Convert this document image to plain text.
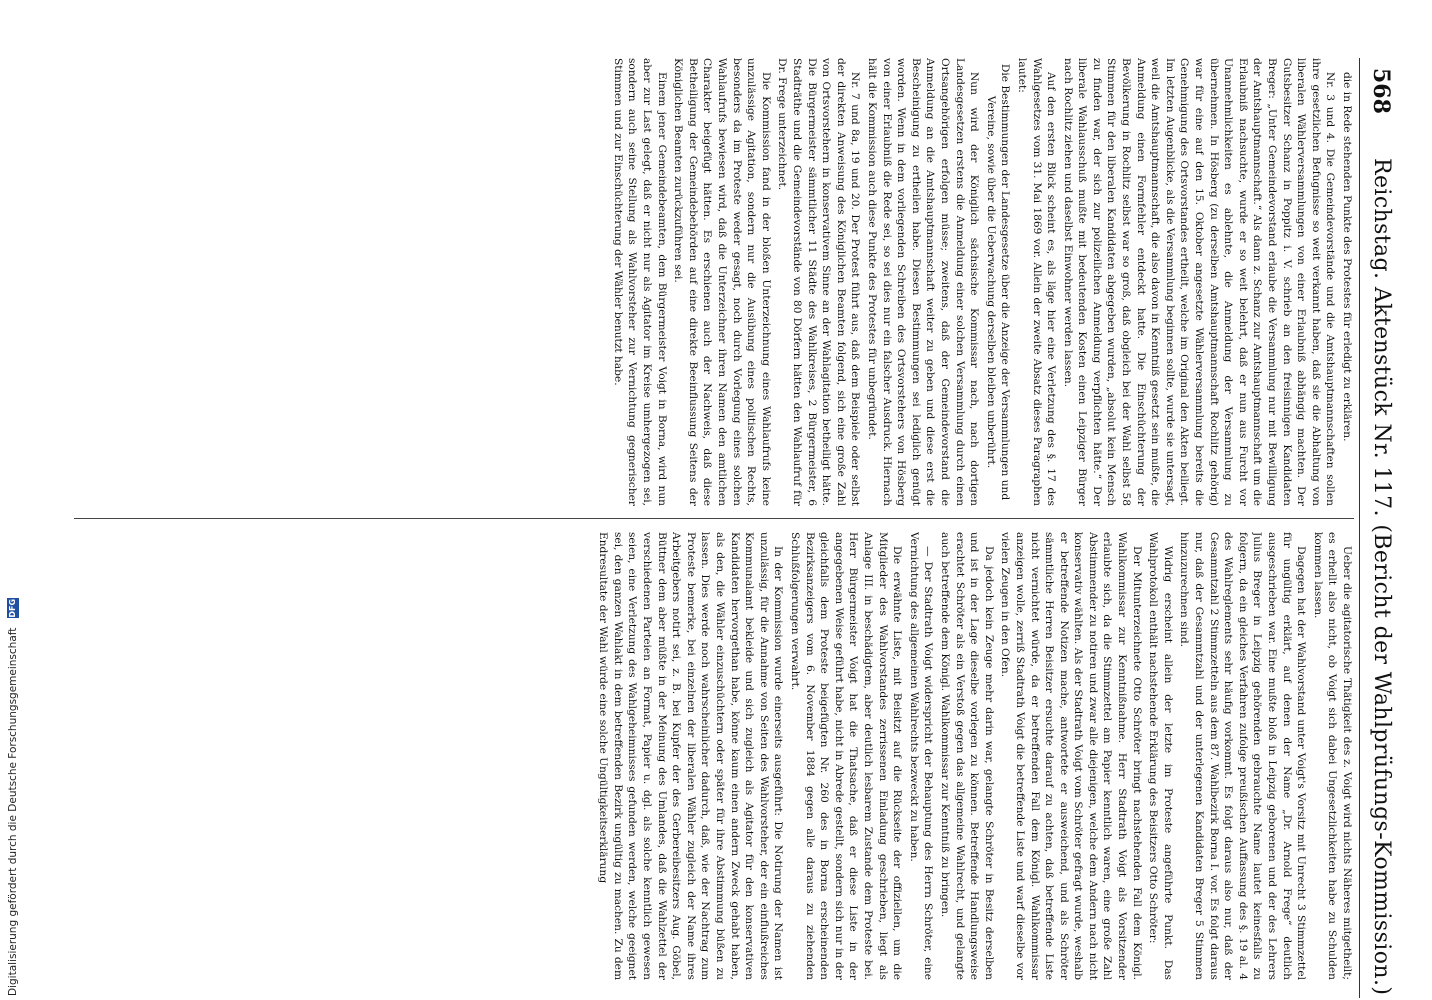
568
Reichstag. Aktenstück Nr. 117. (Bericht der Wahlprüfungs-Kommission.)

die in Rede stehenden Punkte des Protestes für erledigt zu erklären.

Nr. 3 und 4. Die Gemeindevorstände und die Amtshauptmannschaften sollen ihre gesetzlichen Befugnisse so weit verkannt haben, daß sie die Abhaltung von liberalen Wählerversammlungen von einer Erlaubniß abhängig machten. Der Gutsbesitzer Schanz in Poppitz i. V. schrieb an den freisinnigen Kandidaten Breger: „Unter Gemeindevorstand erlaube die Versammlung nur mit Bewilligung der Amtshauptmannschaft.“ Als dann z. Schanz zur Amtshauptmannschaft um die Erlaubniß nachsuchte, wurde er so weit belehrt, daß er nun aus Furcht vor Unannehmlichkeiten es ablehnte, die Anmeldung der Versammlung zu übernehmen. In Hösberg (zu derselben Amtshauptmannschaft Rochlitz gehörig) war für eine auf den 15. Oktober angesetzte Wählerversammlung bereits die Genehmigung des Ortsvorstandes ertheilt, welche im Original den Akten beiliegt. Im letzten Augenblicke, als die Versammlung beginnen sollte, wurde sie untersagt, weil die Amtshauptmannschaft, die also davon in Kenntniß gesetzt sein mußte, die Anmeldung einen Formfehler entdeckt hatte. Die Einschüchterung der Bevölkerung in Rochlitz selbst war so groß, daß obgleich bei der Wahl selbst 58 Stimmen für den liberalen Kandidaten abgegeben wurden, „absolut kein Mensch zu finden war, der sich zur polizeilichen Anmeldung verpflichten hätte.“ Der liberale Wahlausschuß mußte mit bedeutenden Kosten einen Leipziger Bürger nach Rochlitz ziehen und daselbst Einwohner werden lassen.

Auf den ersten Blick scheint es, als läge hier eine Verletzung des §. 17 des Wahlgesetzes vom 31. Mai 1869 vor. Allein der zweite Absatz dieses Paragraphen lautet:

Die Bestimmungen der Landesgesetze über die Anzeige der Versammlungen und Vereine, sowie über die Ueberwachung derselben bleiben unberührt.

Nun wird der Königlich sächsische Kommissar nach, nach dortigen Landesgesetzen erstens die Anmeldung einer solchen Versammlung durch einen Ortsangehörigen erfolgen müsse; zweitens, daß der Gemeindevorstand die Anmeldung an die Amtshauptmannschaft weiter zu geben und diese erst die Bescheinigung zu ertheilen habe. Diesen Bestimmungen sei lediglich genügt worden. Wenn in dem vorliegenden Schreiben des Ortsvorstehers von Hösberg von einer Erlaubniß die Rede sei, so sei dies nur ein falscher Ausdruck. Hiernach hält die Kommission auch diese Punkte des Protestes für unbegründet.

Nr. 7 und 8a, 19 und 20. Der Protest führt aus, daß dem Beispiele oder selbst der direkten Anweisung des Königlichen Beamten folgend, sich eine große Zahl von Ortsvorstehern in konservativem Sinne an der Wahlagitation betheiligt hätte. Die Bürgermeister sämmtlicher 11 Städte des Wahlkreises, 2 Bürgermeister, 6 Stadträthe und die Gemeindevorstände von 80 Dörfern hätten den Wahlaufruf für Dr. Frege unterzeichnet.

Die Kommission fand in der bloßen Unterzeichnung eines Wahlaufrufs keine unzulässige Agitation, sondern nur die Ausübung eines politischen Rechts, besonders da im Proteste weder gesagt, noch durch Vorlegung eines solchen Wahlaufrufs bewiesen wird, daß die Unterzeichner ihren Namen den amtlichen Charakter beigefügt hätten. Es erschienen auch der Nachweis, daß diese Betheiligung der Gemeindebehörden auf eine direkte Beeinflussung Seitens der Königlichen Beamten zurückzuführen sei.

Einem jener Gemeindebeamten, dem Bürgermeister Voigt in Borna, wird nun aber zur Last gelegt, daß er nicht nur als Agitator im Kreise umhergezogen sei, sondern auch seine Stellung als Wahlvorsteher zur Vernichtung gegnerischer Stimmen und zur Einschüchterung der Wähler benutzt habe.

Ueber die agitatorische Thätigkeit des z. Voigt wird nichts Näheres mitgetheilt; es erhellt also nicht, ob Voigt sich dabei Ungesetzlichkeiten habe zu Schulden kommen lassen.

Dagegen hat der Wahlvorstand unter Voigt's Vorsitz mit Unrecht 3 Stimmzettel für ungültig erklärt, auf denen der Name „Dr. Arnold Frege“ deutlich ausgeschrieben war. Eine mußte bloß in Leipzig geborenen und der des Lehrers Julius Breger in Leipzig gehörenden gebrauchte Name lautet keinesfalls zu folgern, da ein gleiches Verfahren zufolge preußischen Auffassung des §. 19 al. 4 des Wahlreglements sehr häufig vorkommt. Es folgt daraus also nur, daß der Gesammtzahl 2 Stimmzetteln aus dem 87. Wahlbezirk Borna I. vor. Es folgt daraus nur, daß der Gesammtzahl und der unterlegenen Kandidaten Breger 5 Stimmen hinzuzurechnen sind.

Widrig erscheint allein der letzte im Proteste angeführte Punkt. Das Wahlprotokoll enthält nachstehende Erklärung des Beisitzers Otto Schröter:

Der Mitunterzeichnete Otto Schröter bringt nachstehenden Fall dem Königl. Wahlkommissar zur Kenntnißnahme. Herr Stadtrath Voigt als Vorsitzender erlaubte sich, da die Stimmzettel am Papier kenntlich waren, eine große Zahl Abstimmender zu notiren und zwar alle diejenigen, welche dem Andern nach nicht konservativ wählten. Als der Stadtrath Voigt vom Schröter gefragt wurde, weshalb er betreffende Notizen mache, antwortete er ausweichend, und als Schröter sämmtliche Herren Beisitzer ersuchte darauf zu achten, daß betreffende Liste nicht vernichtet würde, da er betreffenden Fall dem Königl. Wahlkommissar anzeigen wolle, zerriß Stadtrath Voigt die betreffende Liste und warf dieselbe vor vielen Zeugen in den Ofen.

Da jedoch kein Zeuge mehr darin war, gelangte Schröter in Besitz derselben und ist in der Lage dieselbe vorlegen zu können. Betreffende Handlungsweise erachtet Schröter als ein Verstoß gegen das allgemeine Wahlrecht, und gelangte auch betreffende dem Königl. Wahlkommissar zur Kenntniß zu bringen.

— Der Stadtrath Voigt widerspricht der Behauptung des Herrn Schröter, eine Vernichtung des allgemeinen Wahlrechts bezweckt zu haben.

Die erwähnte Liste, mit Beisitzt auf die Rückseite der offiziellen, um die Mitglieder des Wahlvorstandes zerrissenen Einladung geschrieben, liegt als Anlage III. in beschädigtem, aber deutlich lesbarem Zustande dem Proteste bei. Herr Bürgermeister Voigt hat die Thatsache, daß er diese Liste in der angegebenen Weise geführt habe, nicht in Abrede gestellt, sondern sich nur in der gleichfalls dem Proteste beigefügten Nr. 260 des in Borna erscheinenden Bezirksanzeigers vom 6. November 1884 gegen alle daraus zu ziehenden Schlußfolgerungen verwahrt.

In der Kommission wurde einerseits ausgeführt: Die Notirung der Namen ist unzulässig, für die Annahme von Seiten des Wahlvorsteher, der ein einflußreiches Kommunalamt bekleide und sich zugleich als Agitator für den konservativen Kandidaten hervorgethan habe, könne kaum einen andern Zweck gehabt haben, als den, die Wähler einzuschüchtern oder später für ihre Abstimmung büßen zu lassen. Dies werde noch wahrscheinlicher dadurch, daß, wie der Nachtrag zum Proteste bemerke, bei einzelnen der liberalen Wähler zugleich der Name ihres Arbeitgebers notirt sei, z. B. bei Kupfer der des Gerbereibesitzers Aug. Göbel, Büttner dem aber müßte in der Meinung des Umlandes, daß die Wahlzettel der verschiedenen Parteien an Format, Papier u. dgl. als solche kenntlich gewesen seien, eine Verletzung des Wahlgeheimnisses gefunden werden, welche geeignet sei, den ganzen Wahlakt in dem betreffenden Bezirk ungültig zu machen. Zu dem Endresultate der Wahl würde eine solche Ungültigkeitserklärung

Digitalisierung gefördert durch die Deutsche Forschungsgemeinschaft DFG
